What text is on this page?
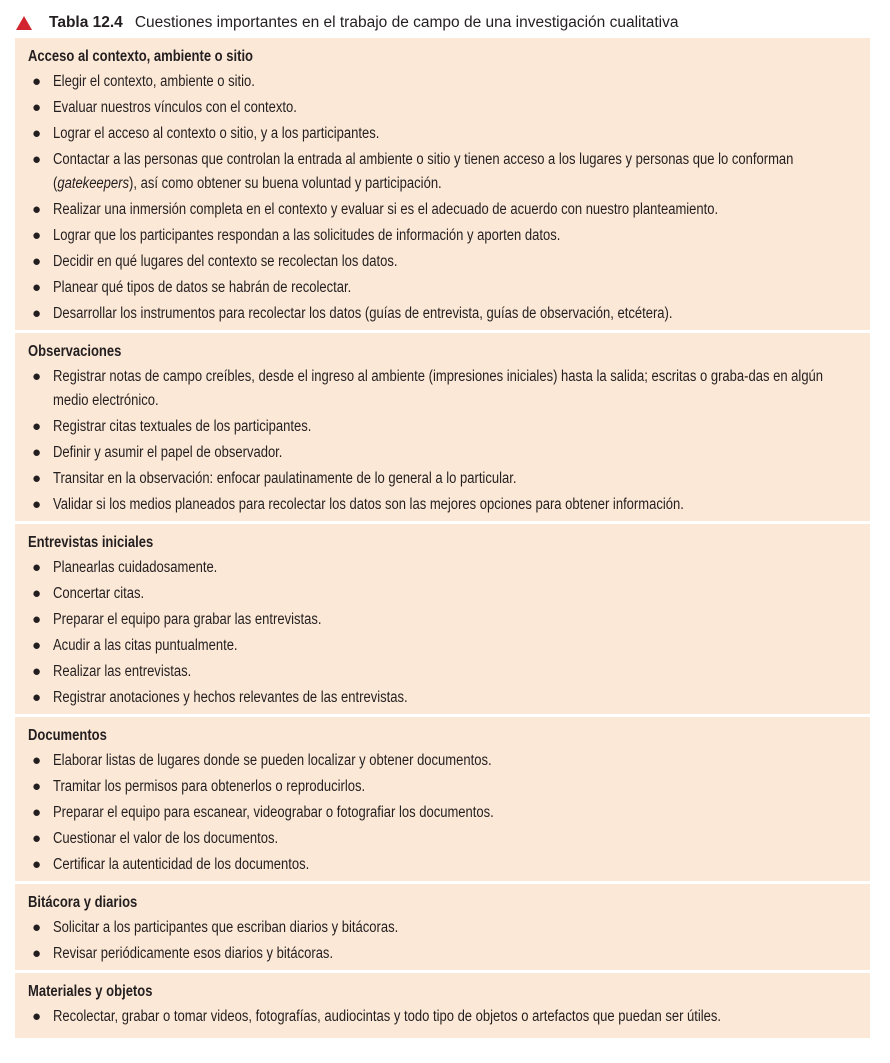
Tabla 12.4 Cuestiones importantes en el trabajo de campo de una investigación cualitativa
Acceso al contexto, ambiente o sitio
● Elegir el contexto, ambiente o sitio.
● Evaluar nuestros vínculos con el contexto.
● Lograr el acceso al contexto o sitio, y a los participantes.
● Contactar a las personas que controlan la entrada al ambiente o sitio y tienen acceso a los lugares y personas que lo conforman (gatekeepers), así como obtener su buena voluntad y participación.
● Realizar una inmersión completa en el contexto y evaluar si es el adecuado de acuerdo con nuestro planteamiento.
● Lograr que los participantes respondan a las solicitudes de información y aporten datos.
● Decidir en qué lugares del contexto se recolectan los datos.
● Planear qué tipos de datos se habrán de recolectar.
● Desarrollar los instrumentos para recolectar los datos (guías de entrevista, guías de observación, etcétera).
Observaciones
● Registrar notas de campo creíbles, desde el ingreso al ambiente (impresiones iniciales) hasta la salida; escritas o graba-das en algún medio electrónico.
● Registrar citas textuales de los participantes.
● Definir y asumir el papel de observador.
● Transitar en la observación: enfocar paulatinamente de lo general a lo particular.
● Validar si los medios planeados para recolectar los datos son las mejores opciones para obtener información.
Entrevistas iniciales
● Planearlas cuidadosamente.
● Concertar citas.
● Preparar el equipo para grabar las entrevistas.
● Acudir a las citas puntualmente.
● Realizar las entrevistas.
● Registrar anotaciones y hechos relevantes de las entrevistas.
Documentos
● Elaborar listas de lugares donde se pueden localizar y obtener documentos.
● Tramitar los permisos para obtenerlos o reproducirlos.
● Preparar el equipo para escanear, videograbar o fotografiar los documentos.
● Cuestionar el valor de los documentos.
● Certificar la autenticidad de los documentos.
Bitácora y diarios
● Solicitar a los participantes que escriban diarios y bitácoras.
● Revisar periódicamente esos diarios y bitácoras.
Materiales y objetos
● Recolectar, grabar o tomar videos, fotografías, audiocintas y todo tipo de objetos o artefactos que puedan ser útiles.
